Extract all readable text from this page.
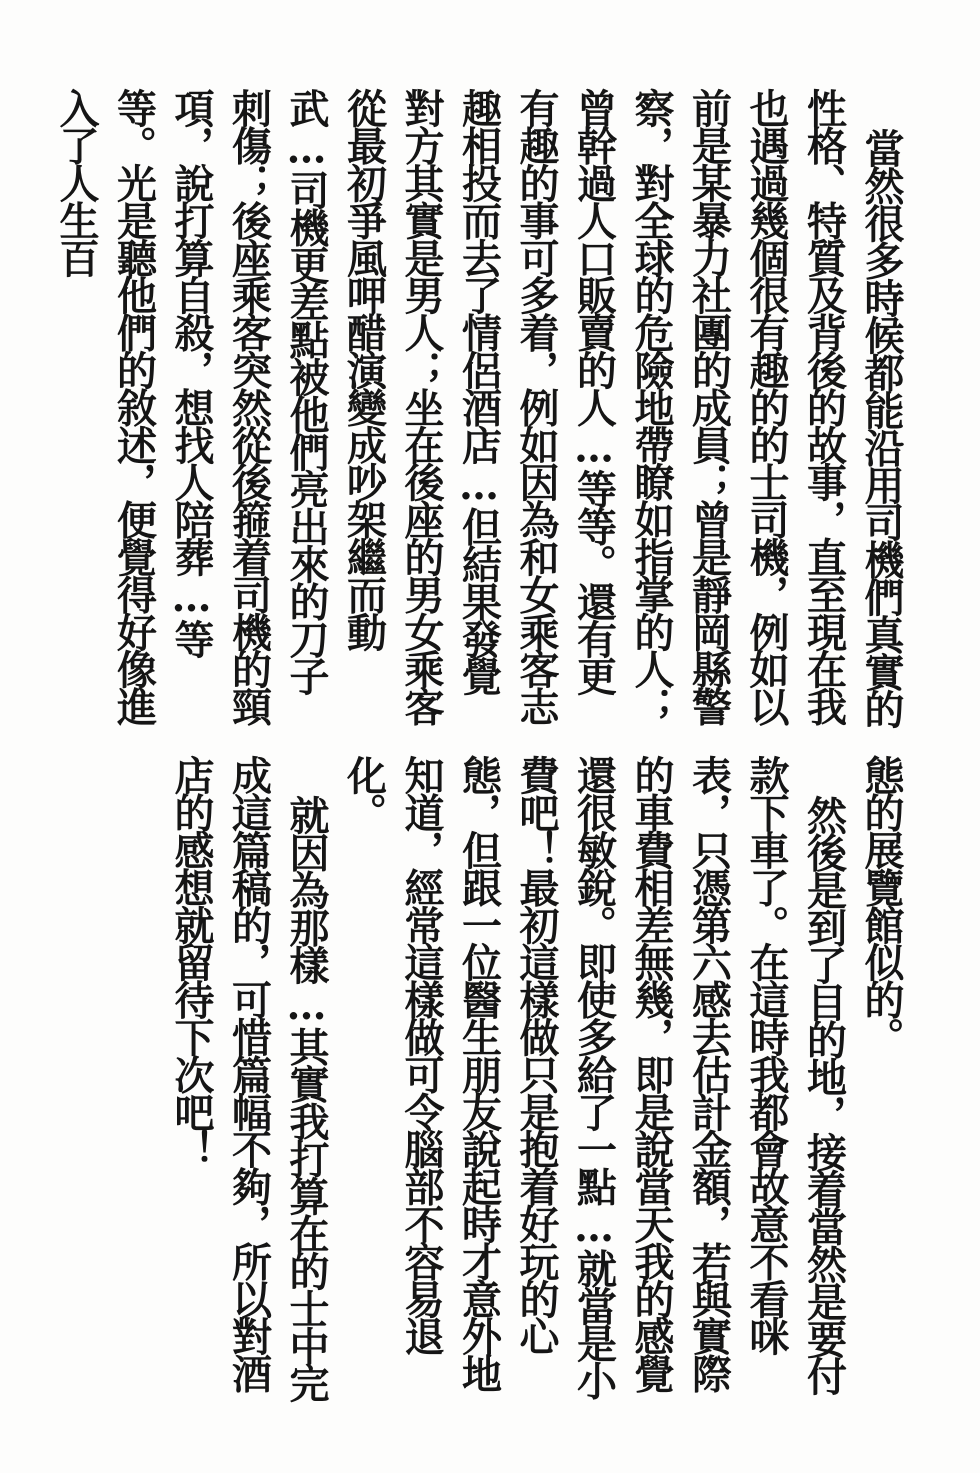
當然很多時候都能沿用司機們真實的性格、特質及背後的故事，直至現在我也遇過幾個很有趣的的士司機，例如以前是某暴力社團的成員；曾是靜岡縣警察，對全球的危險地帶瞭如指掌的人；曾幹過人口販賣的人…等等。還有更有趣的事可多着，例如因為和女乘客志趣相投而去了情侶酒店…但結果發覺對方其實是男人；坐在後座的男女乘客從最初爭風呷醋演變成吵架繼而動武…司機更差點被他們亮出來的刀子刺傷；後座乘客突然從後箍着司機的頸項，說打算自殺，想找人陪葬…等等。光是聽他們的敘述，便覺得好像進入了人生百
態的展覽館似的。
然後是到了目的地，接着當然是要付款下車了。在這時我都會故意不看咪表，只憑第六感去估計金額，若與實際的車費相差無幾，即是說當天我的感覺還很敏銳。即使多給了一點…就當是小費吧！最初這樣做只是抱着好玩的心態，但跟一位醫生朋友說起時才意外地知道，經常這樣做可令腦部不容易退化。
就因為那樣…其實我打算在的士中完成這篇稿的，可惜篇幅不夠，所以對酒店的感想就留待下次吧！
